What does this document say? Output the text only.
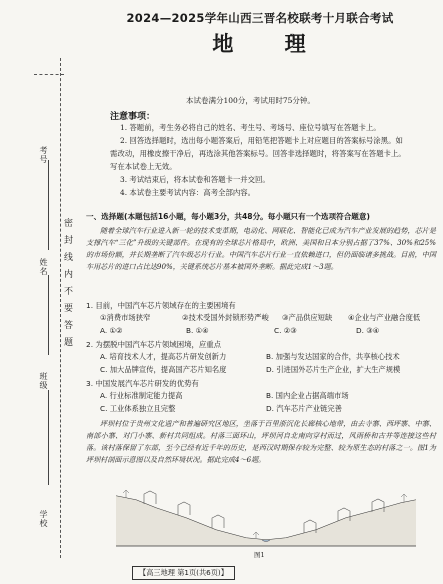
考号
姓名
班级
学校
密封线内不要答题
2024—2025学年山西三晋名校联考十月联合考试
地 理
本试卷满分100分，考试用时75分钟。
注意事项：
1. 答题前，考生务必将自己的姓名、考生号、考场号、座位号填写在答题卡上。
2. 回答选择题时，选出每小题答案后，用铅笔把答题卡上对应题目的答案标号涂黑。如需改动，用橡皮擦干净后，再选涂其他答案标号。回答非选择题时，将答案写在答题卡上。写在本试卷上无效。
3. 考试结束后，将本试卷和答题卡一并交回。
4. 本试卷主要考试内容：高考全部内容。
一、选择题(本题包括16小题，每小题3分，共48分。每小题只有一个选项符合题意)
随着全球汽车行业进入新一轮的技术变革期，电动化、网联化、智能化已成为汽车产业发展的趋势，芯片是支撑汽车“三化”升级的关键部件。在现有的全球芯片格局中，欧洲、美国和日本分别占据了37%、30%和25%的市场份额，并长期垄断了汽车级芯片行业。中国汽车芯片行业一直依赖进口，但仍面临诸多挑战。目前，中国车用芯片的进口占比达90%，关键系统芯片基本被国外垄断。据此完成1～3题。
1. 目前，中国汽车芯片领域存在的主要困境有
①消费市场狭窄	②技术受国外封锁形势严峻 ③产品供应短缺 ④企业与产业融合度低
A. ①②	B. ①④	C. ②③	D. ③④
2. 为摆脱中国汽车芯片领域困境，应重点
A. 培育技术人才，提高芯片研发创新力	B. 加强与发达国家的合作，共享核心技术
C. 加大品牌宣传，提高国产芯片知名度	D. 引进国外芯片生产企业，扩大生产规模
3. 中国发展汽车芯片研发的优势有
A. 行业标准制定能力提高	B. 国内企业占据高端市场
C. 工业体系独立且完整	D. 汽车芯片产业链完善
坪坝村位于贵州文化遗产和普遍研究区地区，坐落于百里浙沉化长廊核心地带，由去寺寨、西坪寨、中寨、南部小寨、对门小寨、新村共同组成。村落三面环山，坪坝河自北南向穿村而过，风雨桥和古井等连接这些村落。该村落保留了东部，至今已经有近千年的历史，是西汉时期保存较为完整、较为原生态的村落之一。图1为坪坝村剖面示意图以及自然环境状况。据此完成4～6题。
图1
【高三地理 第1页(共6页)】
